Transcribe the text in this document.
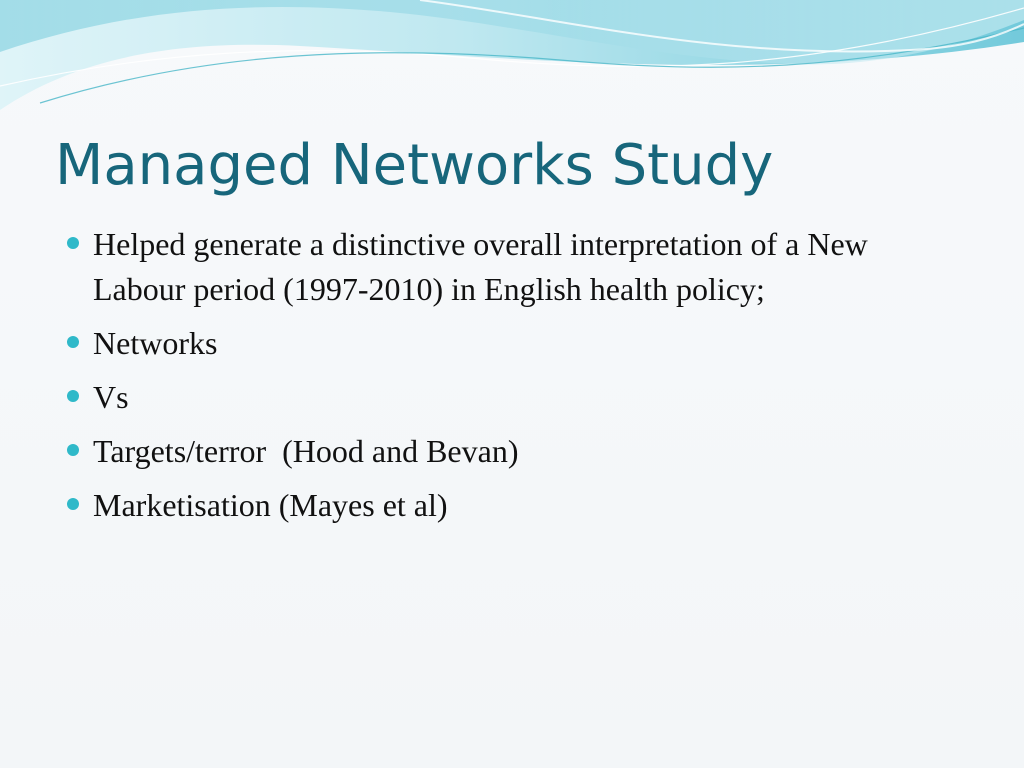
Managed Networks Study
Helped generate a distinctive overall interpretation of a New Labour period (1997-2010) in English health policy;
Networks
Vs
Targets/terror  (Hood and Bevan)
Marketisation (Mayes et al)
